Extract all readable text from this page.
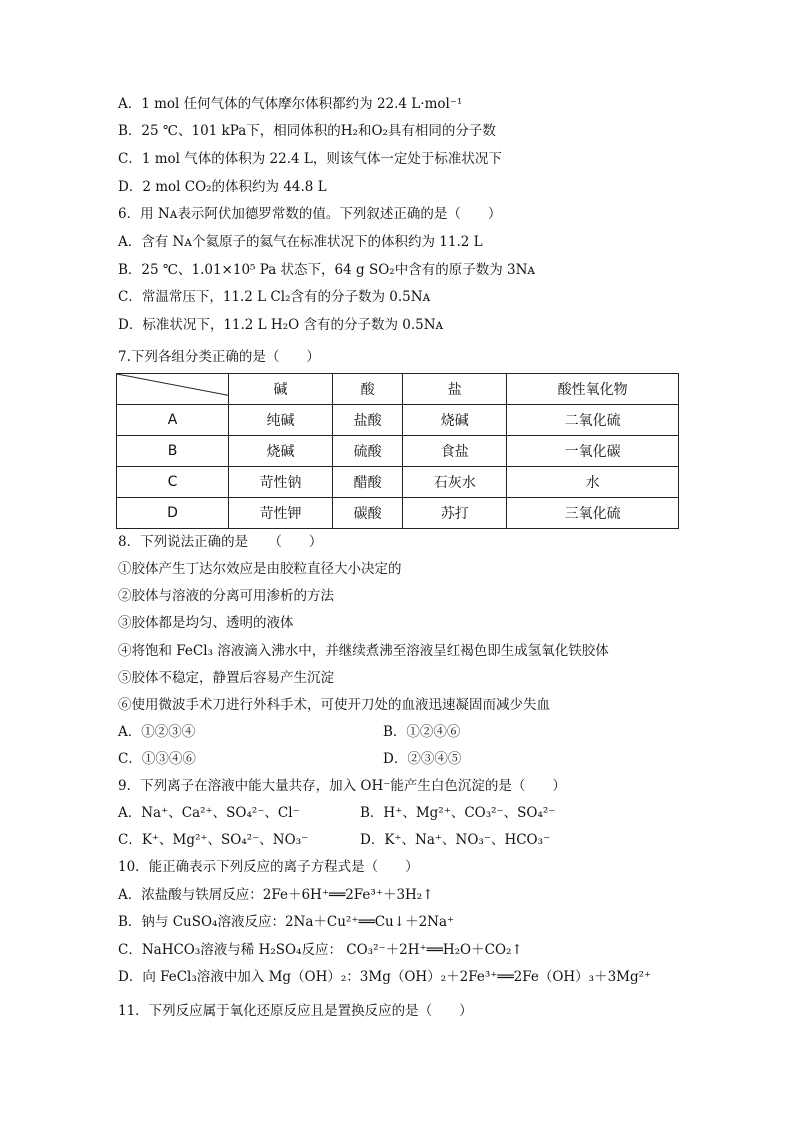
A．1 mol 任何气体的气体摩尔体积都约为 22.4 L·mol⁻¹
B．25 ℃、101 kPa下，相同体积的H₂和O₂具有相同的分子数
C．1 mol 气体的体积为 22.4 L，则该气体一定处于标准状况下
D．2 mol CO₂的体积约为 44.8 L
6．用 Nᴀ表示阿伏加德罗常数的值。下列叙述正确的是（　　）
A．含有 Nᴀ个氦原子的氦气在标准状况下的体积约为 11.2 L
B．25 ℃、1.01×10⁵ Pa 状态下，64 g SO₂中含有的原子数为 3Nᴀ
C．常温常压下，11.2 L Cl₂含有的分子数为 0.5Nᴀ
D．标准状况下，11.2 L H₂O 含有的分子数为 0.5Nᴀ
7.下列各组分类正确的是（　　）
	碱	酸	盐	酸性氧化物
A	纯碱	盐酸	烧碱	二氧化硫
B	烧碱	硫酸	食盐	一氧化碳
C	苛性钠	醋酸	石灰水	水
D	苛性钾	碳酸	苏打	三氧化硫
8．下列说法正确的是　　（　　）
①胶体产生丁达尔效应是由胶粒直径大小决定的
②胶体与溶液的分离可用渗析的方法
③胶体都是均匀、透明的液体
④将饱和 FeCl₃ 溶液滴入沸水中，并继续煮沸至溶液呈红褐色即生成氢氧化铁胶体
⑤胶体不稳定，静置后容易产生沉淀
⑥使用微波手术刀进行外科手术，可使开刀处的血液迅速凝固而减少失血
A．①②③④	B．①②④⑥
C．①③④⑥	D．②③④⑤
9．下列离子在溶液中能大量共存，加入 OH⁻能产生白色沉淀的是（　　）
A．Na⁺、Ca²⁺、SO₄²⁻、Cl⁻	B．H⁺、Mg²⁺、CO₃²⁻、SO₄²⁻
C．K⁺、Mg²⁺、SO₄²⁻、NO₃⁻	D．K⁺、Na⁺、NO₃⁻、HCO₃⁻
10．能正确表示下列反应的离子方程式是（　　）
A．浓盐酸与铁屑反应：2Fe＋6H⁺══2Fe³⁺＋3H₂↑
B．钠与 CuSO₄溶液反应：2Na＋Cu²⁺══Cu↓＋2Na⁺
C．NaHCO₃溶液与稀 H₂SO₄反应： CO₃²⁻＋2H⁺══H₂O＋CO₂↑
D．向 FeCl₃溶液中加入 Mg（OH）₂：3Mg（OH）₂＋2Fe³⁺══2Fe（OH）₃＋3Mg²⁺
11．下列反应属于氧化还原反应且是置换反应的是（　　）
